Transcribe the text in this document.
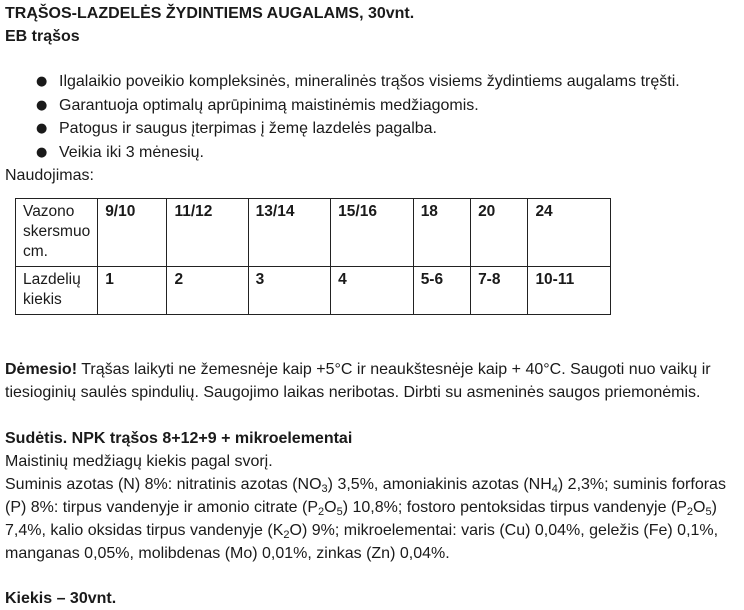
TRĄŠOS-LAZDELĖS ŽYDINTIEMS AUGALAMS, 30vnt.
EB trąšos
● Ilgalaikio poveikio kompleksinės, mineralinės trąšos visiems žydintiems augalams tręšti.
● Garantuoja optimalų aprūpinimą maistinėmis medžiagomis.
● Patogus ir saugus įterpimas į žemę lazdelės pagalba.
● Veikia iki 3 mėnesių.
Naudojimas:
Vazono skersmuo cm.	9/10	11/12	13/14	15/16	18	20	24
Lazdelių kiekis	1	2	3	4	5-6	7-8	10-11
Dėmesio! Trąšas laikyti ne žemesnėje kaip +5°C ir neaukštesnėje kaip + 40°C. Saugoti nuo vaikų ir tiesioginių saulės spindulių. Saugojimo laikas neribotas. Dirbti su asmeninės saugos priemonėmis.
Sudėtis. NPK trąšos 8+12+9 + mikroelementai
Maistinių medžiagų kiekis pagal svorį.
Suminis azotas (N) 8%: nitratinis azotas $(NO_3)$ 3,5%, amoniakinis azotas $(NH_4)$ 2,3%; suminis forforas (P) 8%: tirpus vandenyje ir amonio citrate $(P_2O_5)$ 10,8%; fostoro pentoksidas tirpus vandenyje $(P_2O_5)$ 7,4%, kalio oksidas tirpus vandenyje $(K_2O)$ 9%; mikroelementai: varis (Cu) 0,04%, geležis (Fe) 0,1%, manganas 0,05%, molibdenas (Mo) 0,01%, zinkas (Zn) 0,04%.
Kiekis – 30vnt.
